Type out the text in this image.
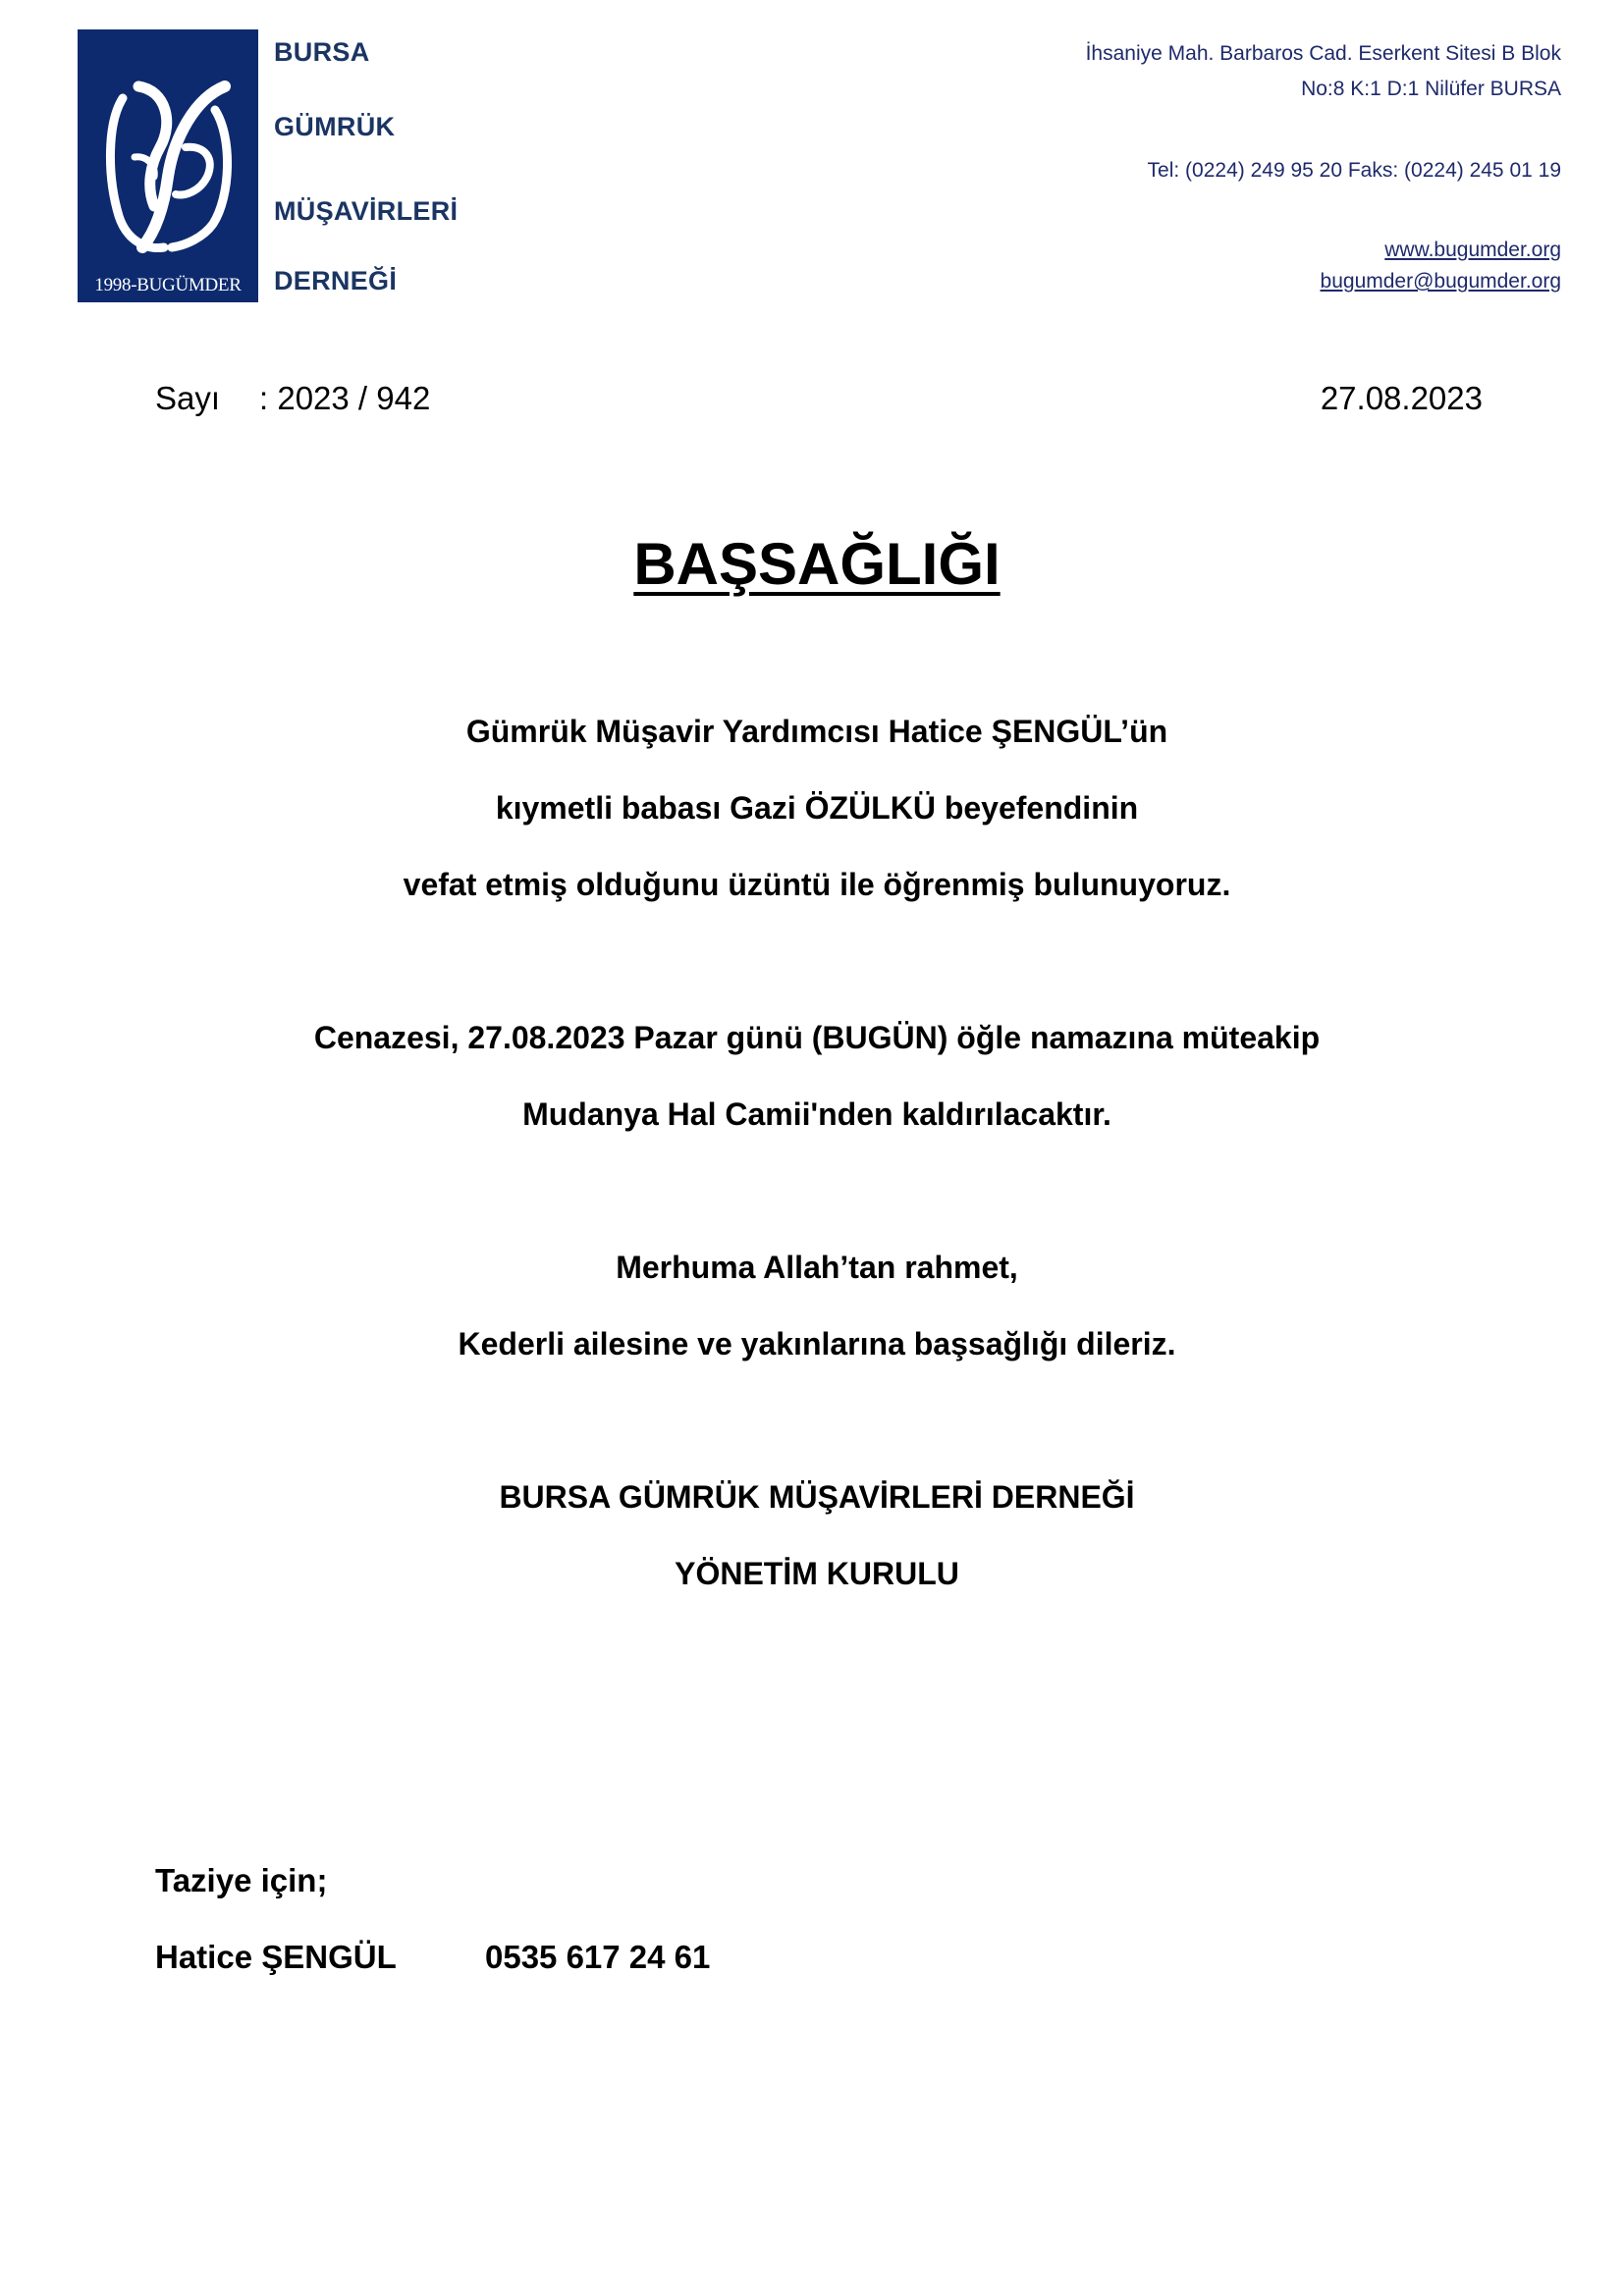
1998-BUGÜMDER
BURSA
GÜMRÜK
MÜŞAVİRLERİ
DERNEĞİ
İhsaniye Mah. Barbaros Cad. Eserkent Sitesi B Blok
No:8 K:1 D:1 Nilüfer BURSA
Tel: (0224) 249 95 20 Faks: (0224) 245 01 19
www.bugumder.org
bugumder@bugumder.org
Sayı : 2023 / 942	27.08.2023
BAŞSAĞLIĞI
Gümrük Müşavir Yardımcısı Hatice ŞENGÜL’ün
kıymetli babası Gazi ÖZÜLKÜ beyefendinin
vefat etmiş olduğunu üzüntü ile öğrenmiş bulunuyoruz.
Cenazesi, 27.08.2023 Pazar günü (BUGÜN) öğle namazına müteakip
Mudanya Hal Camii'nden kaldırılacaktır.
Merhuma Allah’tan rahmet,
Kederli ailesine ve yakınlarına başsağlığı dileriz.
BURSA GÜMRÜK MÜŞAVİRLERİ DERNEĞİ
YÖNETİM KURULU
Taziye için;
Hatice ŞENGÜL	0535 617 24 61
